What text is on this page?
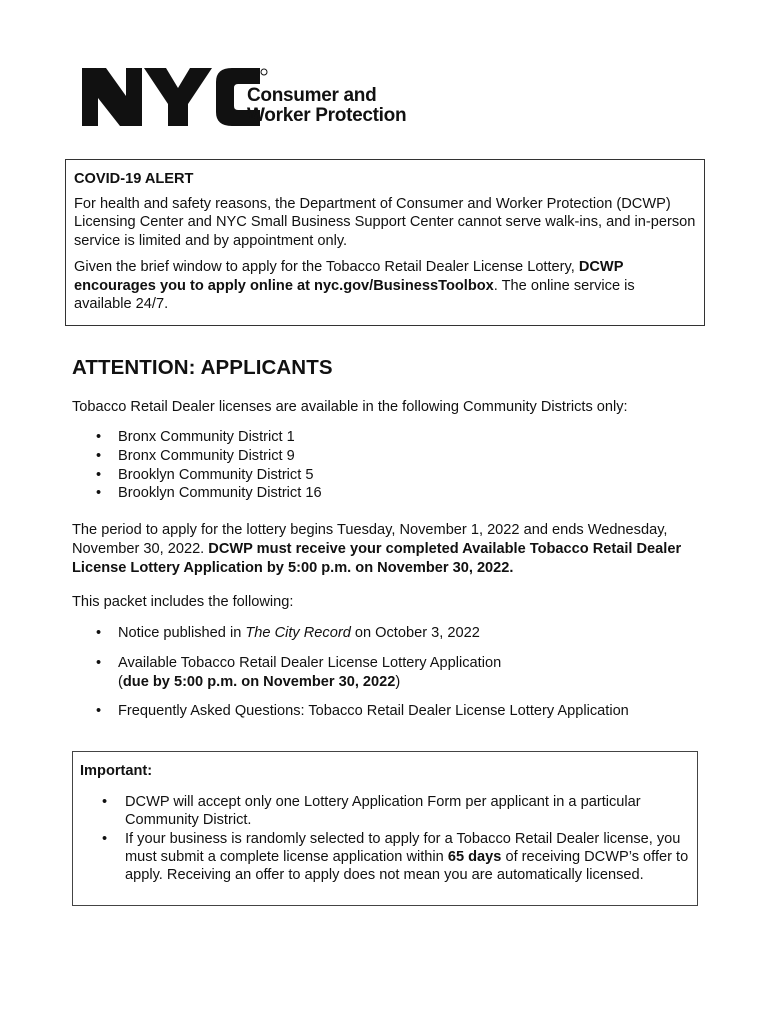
Consumer and
Worker Protection

COVID-19 ALERT

For health and safety reasons, the Department of Consumer and Worker Protection (DCWP) Licensing Center and NYC Small Business Support Center cannot serve walk-ins, and in-person service is limited and by appointment only.

Given the brief window to apply for the Tobacco Retail Dealer License Lottery, DCWP encourages you to apply online at nyc.gov/BusinessToolbox. The online service is available 24/7.

ATTENTION: APPLICANTS

Tobacco Retail Dealer licenses are available in the following Community Districts only:

• Bronx Community District 1
• Bronx Community District 9
• Brooklyn Community District 5
• Brooklyn Community District 16

The period to apply for the lottery begins Tuesday, November 1, 2022 and ends Wednesday, November 30, 2022. DCWP must receive your completed Available Tobacco Retail Dealer License Lottery Application by 5:00 p.m. on November 30, 2022.

This packet includes the following:

• Notice published in The City Record on October 3, 2022
• Available Tobacco Retail Dealer License Lottery Application
(due by 5:00 p.m. on November 30, 2022)
• Frequently Asked Questions: Tobacco Retail Dealer License Lottery Application

Important:

• DCWP will accept only one Lottery Application Form per applicant in a particular Community District.
• If your business is randomly selected to apply for a Tobacco Retail Dealer license, you must submit a complete license application within 65 days of receiving DCWP’s offer to apply. Receiving an offer to apply does not mean you are automatically licensed.
